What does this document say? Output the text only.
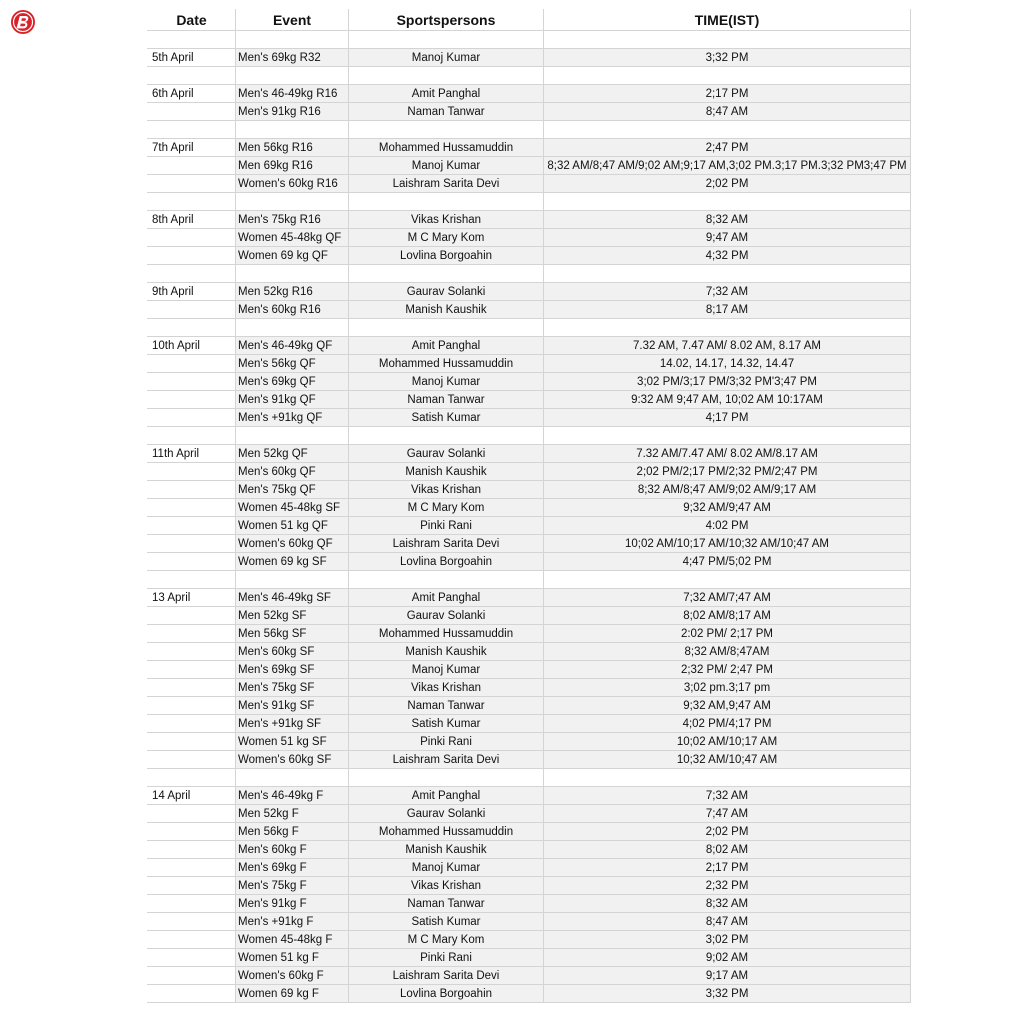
Date	Event	Sportspersons	TIME(IST)

5th April	Men's 69kg R32	Manoj Kumar	3;32 PM

6th April	Men's 46-49kg R16	Amit Panghal	2;17 PM
	Men's 91kg R16	Naman Tanwar	8;47 AM

7th April	Men 56kg R16	Mohammed Hussamuddin	2;47 PM
	Men 69kg R16	Manoj Kumar	8;32 AM/8;47 AM/9;02 AM;9;17 AM,3;02 PM.3;17 PM.3;32 PM3;47 PM
	Women's 60kg R16	Laishram Sarita Devi	2;02 PM

8th April	Men's 75kg R16	Vikas Krishan	8;32 AM
	Women 45-48kg QF	M C Mary Kom	9;47 AM
	Women 69 kg QF	Lovlina Borgoahin	4;32 PM

9th April	Men 52kg R16	Gaurav Solanki	7;32 AM
	Men's 60kg R16	Manish Kaushik	8;17 AM

10th April	Men's 46-49kg QF	Amit Panghal	7.32 AM, 7.47 AM/ 8.02 AM, 8.17 AM
	Men's 56kg QF	Mohammed Hussamuddin	14.02, 14.17, 14.32, 14.47
	Men's 69kg QF	Manoj Kumar	3;02 PM/3;17 PM/3;32 PM'3;47 PM
	Men's 91kg QF	Naman Tanwar	9:32 AM 9;47 AM, 10;02 AM 10:17AM
	Men's +91kg QF	Satish Kumar	4;17 PM

11th April	Men 52kg QF	Gaurav Solanki	7.32 AM/7.47 AM/ 8.02 AM/8.17 AM
	Men's 60kg QF	Manish Kaushik	2;02 PM/2;17 PM/2;32 PM/2;47 PM
	Men's 75kg QF	Vikas Krishan	8;32 AM/8;47 AM/9;02 AM/9;17 AM
	Women 45-48kg SF	M C Mary Kom	9;32 AM/9;47 AM
	Women 51 kg QF	Pinki Rani	4:02 PM
	Women's 60kg QF	Laishram Sarita Devi	10;02 AM/10;17 AM/10;32 AM/10;47 AM
	Women 69 kg SF	Lovlina Borgoahin	4;47 PM/5;02 PM

13 April	Men's 46-49kg SF	Amit Panghal	7;32 AM/7;47 AM
	Men 52kg SF	Gaurav Solanki	8;02 AM/8;17 AM
	Men 56kg SF	Mohammed Hussamuddin	2:02 PM/ 2;17 PM
	Men's 60kg SF	Manish Kaushik	8;32 AM/8;47AM
	Men's 69kg SF	Manoj Kumar	2;32 PM/ 2;47 PM
	Men's 75kg SF	Vikas Krishan	3;02 pm.3;17 pm
	Men's 91kg SF	Naman Tanwar	9;32 AM,9;47 AM
	Men's +91kg SF	Satish Kumar	4;02 PM/4;17 PM
	Women 51 kg SF	Pinki Rani	10;02 AM/10;17 AM
	Women's 60kg SF	Laishram Sarita Devi	10;32 AM/10;47 AM

14 April	Men's 46-49kg F	Amit Panghal	7;32 AM
	Men 52kg F	Gaurav Solanki	7;47 AM
	Men 56kg F	Mohammed Hussamuddin	2;02 PM
	Men's 60kg F	Manish Kaushik	8;02 AM
	Men's 69kg F	Manoj Kumar	2;17 PM
	Men's 75kg F	Vikas Krishan	2;32 PM
	Men's 91kg F	Naman Tanwar	8;32 AM
	Men's +91kg F	Satish Kumar	8;47 AM
	Women 45-48kg F	M C Mary Kom	3;02 PM
	Women 51 kg F	Pinki Rani	9;02 AM
	Women's 60kg F	Laishram Sarita Devi	9;17 AM
	Women 69 kg F	Lovlina Borgoahin	3;32 PM
